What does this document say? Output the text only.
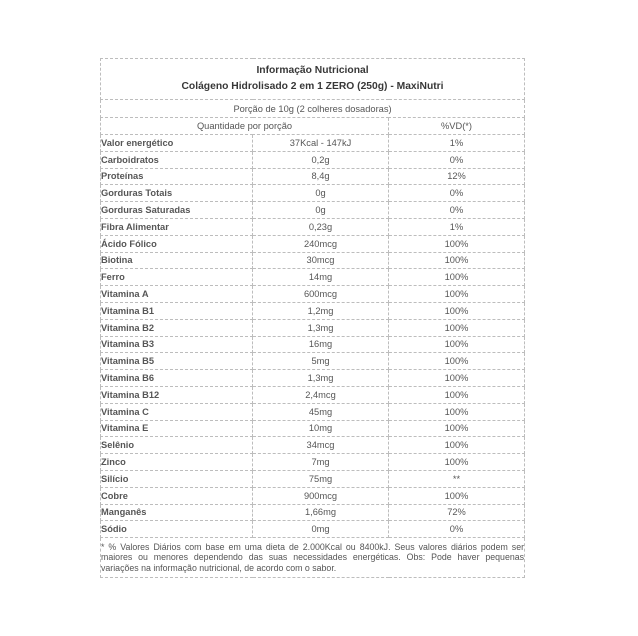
Informação Nutricional
Colágeno Hidrolisado 2 em 1 ZERO (250g) - MaxiNutri		

Porção de 10g (2 colheres dosadoras)		
Quantidade por porção		%VD(*)
Valor energético	37Kcal - 147kJ	1%
Carboidratos	0,2g	0%
Proteínas	8,4g	12%
Gorduras Totais	0g	0%
Gorduras Saturadas	0g	0%
Fibra Alimentar	0,23g	1%
Ácido Fólico	240mcg	100%
Biotina	30mcg	100%
Ferro	14mg	100%
Vitamina A	600mcg	100%
Vitamina B1	1,2mg	100%
Vitamina B2	1,3mg	100%
Vitamina B3	16mg	100%
Vitamina B5	5mg	100%
Vitamina B6	1,3mg	100%
Vitamina B12	2,4mcg	100%
Vitamina C	45mg	100%
Vitamina E	10mg	100%
Selênio	34mcg	100%
Zinco	7mg	100%
Silício	75mg	**
Cobre	900mcg	100%
Manganês	1,66mg	72%
Sódio	0mg	0%

* % Valores Diários com base em uma dieta de 2.000Kcal ou 8400kJ. Seus valores diários podem ser maiores ou menores dependendo das suas necessidades energéticas. Obs: Pode haver pequenas variações na informação nutricional, de acordo com o sabor.		
